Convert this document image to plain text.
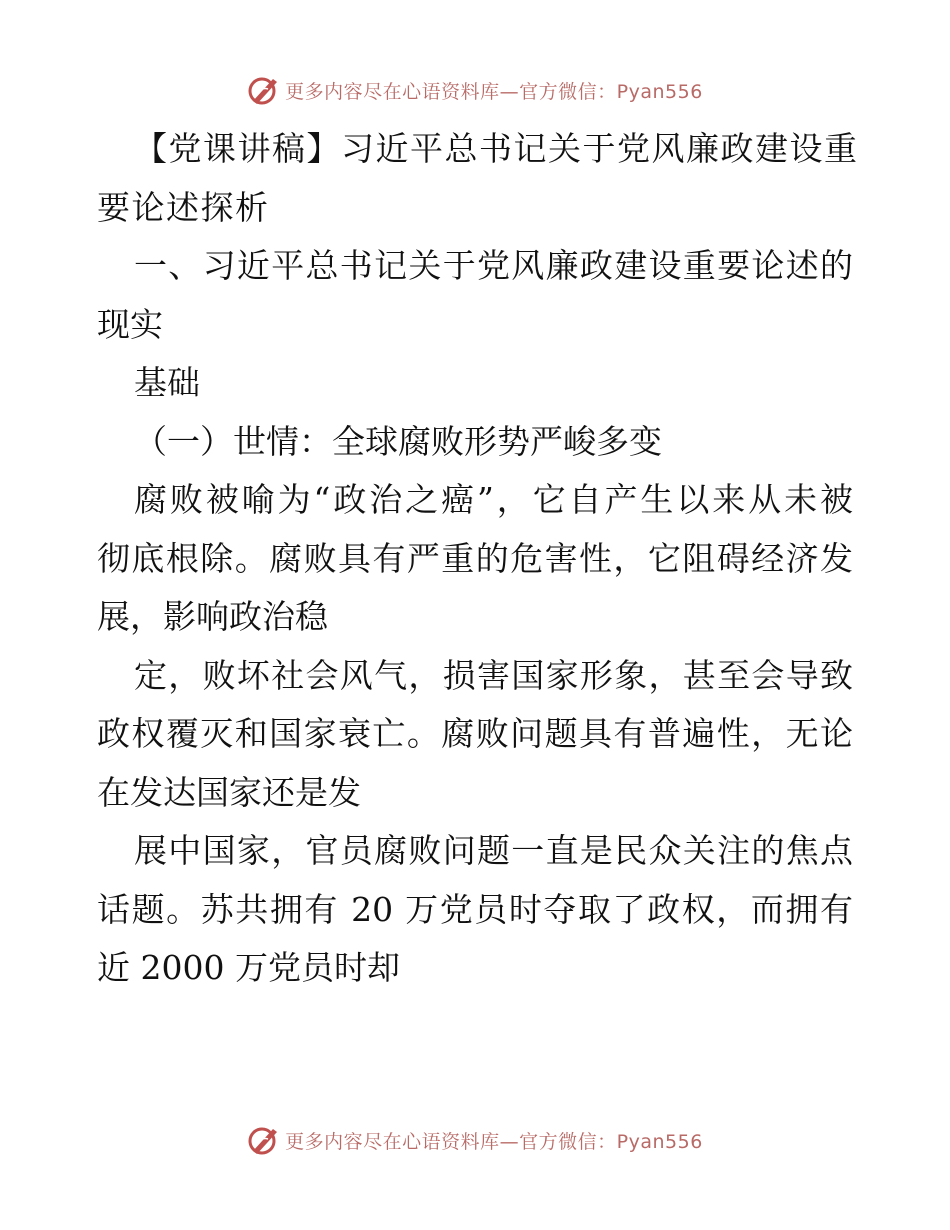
更多内容尽在心语资料库—官方微信：Pyan556
【党课讲稿】习近平总书记关于党风廉政建设重
要论述探析
一、习近平总书记关于党风廉政建设重要论述的
现实
基础
（一）世情：全球腐败形势严峻多变
腐败被喻为“政治之癌”，它自产生以来从未被
彻底根除。腐败具有严重的危害性，它阻碍经济发
展，影响政治稳
定，败坏社会风气，损害国家形象，甚至会导致
政权覆灭和国家衰亡。腐败问题具有普遍性，无论
在发达国家还是发
展中国家，官员腐败问题一直是民众关注的焦点
话题。苏共拥有 20 万党员时夺取了政权，而拥有
近 2000 万党员时却
更多内容尽在心语资料库—官方微信：Pyan556
